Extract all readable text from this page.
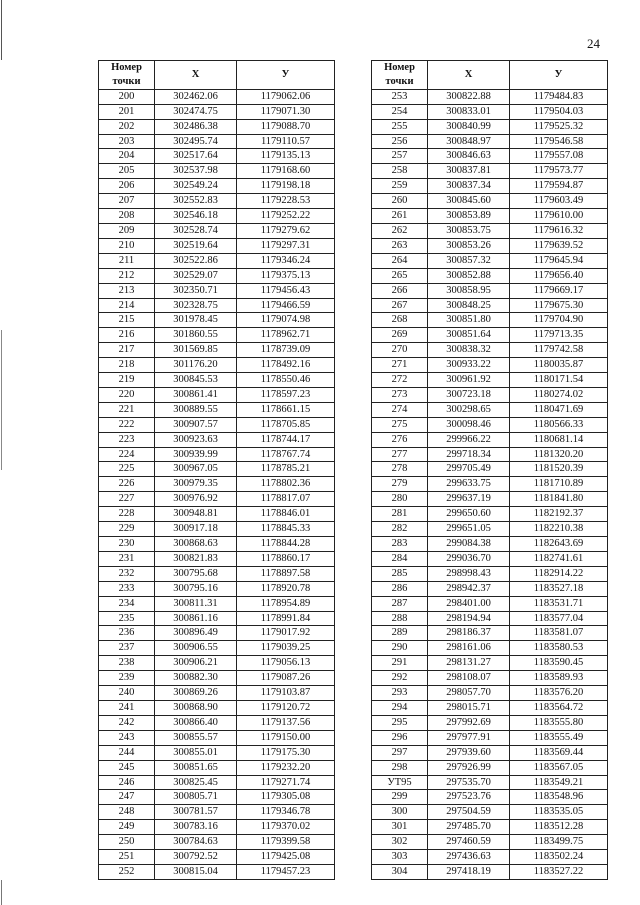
24
Номер
точки	Х	У
200	302462.06	1179062.06
201	302474.75	1179071.30
202	302486.38	1179088.70
203	302495.74	1179110.57
204	302517.64	1179135.13
205	302537.98	1179168.60
206	302549.24	1179198.18
207	302552.83	1179228.53
208	302546.18	1179252.22
209	302528.74	1179279.62
210	302519.64	1179297.31
211	302522.86	1179346.24
212	302529.07	1179375.13
213	302350.71	1179456.43
214	302328.75	1179466.59
215	301978.45	1179074.98
216	301860.55	1178962.71
217	301569.85	1178739.09
218	301176.20	1178492.16
219	300845.53	1178550.46
220	300861.41	1178597.23
221	300889.55	1178661.15
222	300907.57	1178705.85
223	300923.63	1178744.17
224	300939.99	1178767.74
225	300967.05	1178785.21
226	300979.35	1178802.36
227	300976.92	1178817.07
228	300948.81	1178846.01
229	300917.18	1178845.33
230	300868.63	1178844.28
231	300821.83	1178860.17
232	300795.68	1178897.58
233	300795.16	1178920.78
234	300811.31	1178954.89
235	300861.16	1178991.84
236	300896.49	1179017.92
237	300906.55	1179039.25
238	300906.21	1179056.13
239	300882.30	1179087.26
240	300869.26	1179103.87
241	300868.90	1179120.72
242	300866.40	1179137.56
243	300855.57	1179150.00
244	300855.01	1179175.30
245	300851.65	1179232.20
246	300825.45	1179271.74
247	300805.71	1179305.08
248	300781.57	1179346.78
249	300783.16	1179370.02
250	300784.63	1179399.58
251	300792.52	1179425.08
252	300815.04	1179457.23
Номер
точки	Х	У
253	300822.88	1179484.83
254	300833.01	1179504.03
255	300840.99	1179525.32
256	300848.97	1179546.58
257	300846.63	1179557.08
258	300837.81	1179573.77
259	300837.34	1179594.87
260	300845.60	1179603.49
261	300853.89	1179610.00
262	300853.75	1179616.32
263	300853.26	1179639.52
264	300857.32	1179645.94
265	300852.88	1179656.40
266	300858.95	1179669.17
267	300848.25	1179675.30
268	300851.80	1179704.90
269	300851.64	1179713.35
270	300838.32	1179742.58
271	300933.22	1180035.87
272	300961.92	1180171.54
273	300723.18	1180274.02
274	300298.65	1180471.69
275	300098.46	1180566.33
276	299966.22	1180681.14
277	299718.34	1181320.20
278	299705.49	1181520.39
279	299633.75	1181710.89
280	299637.19	1181841.80
281	299650.60	1182192.37
282	299651.05	1182210.38
283	299084.38	1182643.69
284	299036.70	1182741.61
285	298998.43	1182914.22
286	298942.37	1183527.18
287	298401.00	1183531.71
288	298194.94	1183577.04
289	298186.37	1183581.07
290	298161.06	1183580.53
291	298131.27	1183590.45
292	298108.07	1183589.93
293	298057.70	1183576.20
294	298015.71	1183564.72
295	297992.69	1183555.80
296	297977.91	1183555.49
297	297939.60	1183569.44
298	297926.99	1183567.05
УТ95	297535.70	1183549.21
299	297523.76	1183548.96
300	297504.59	1183535.05
301	297485.70	1183512.28
302	297460.59	1183499.75
303	297436.63	1183502.24
304	297418.19	1183527.22
